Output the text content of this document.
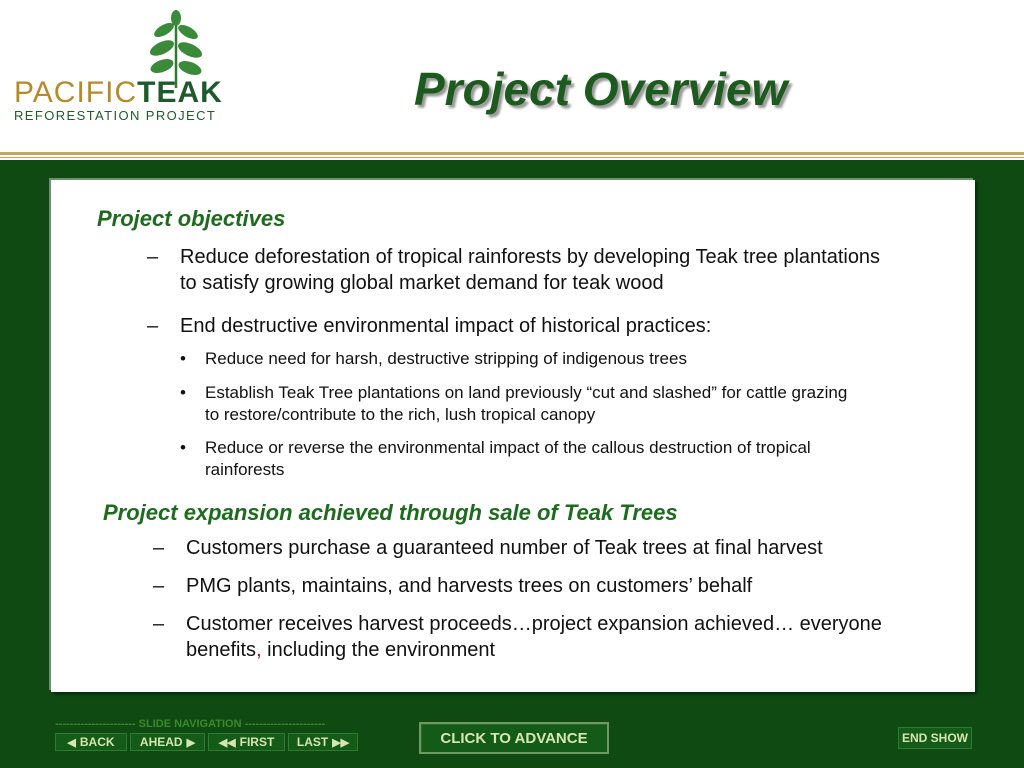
PACIFICTEAK
REFORESTATION PROJECT
Project Overview
Project objectives
–	Reduce deforestation of tropical rainforests by developing Teak tree plantations to satisfy growing global market demand for teak wood
–	End destructive environmental impact of historical practices:
•	Reduce need for harsh, destructive stripping of indigenous trees
•	Establish Teak Tree plantations on land previously “cut and slashed” for cattle grazing to restore/contribute to the rich, lush tropical canopy
•	Reduce or reverse the environmental impact of the callous destruction of tropical rainforests
Project expansion achieved through sale of Teak Trees
–	Customers purchase a guaranteed number of Teak trees at final harvest
–	PMG plants, maintains, and harvests trees on customers’ behalf
–	Customer receives harvest proceeds…project expansion achieved… everyone benefits, including the environment
---------------------- SLIDE NAVIGATION ----------------------
◀ BACK AHEAD ▶ ◀◀ FIRST LAST ▶▶	CLICK TO ADVANCE	END SHOW
